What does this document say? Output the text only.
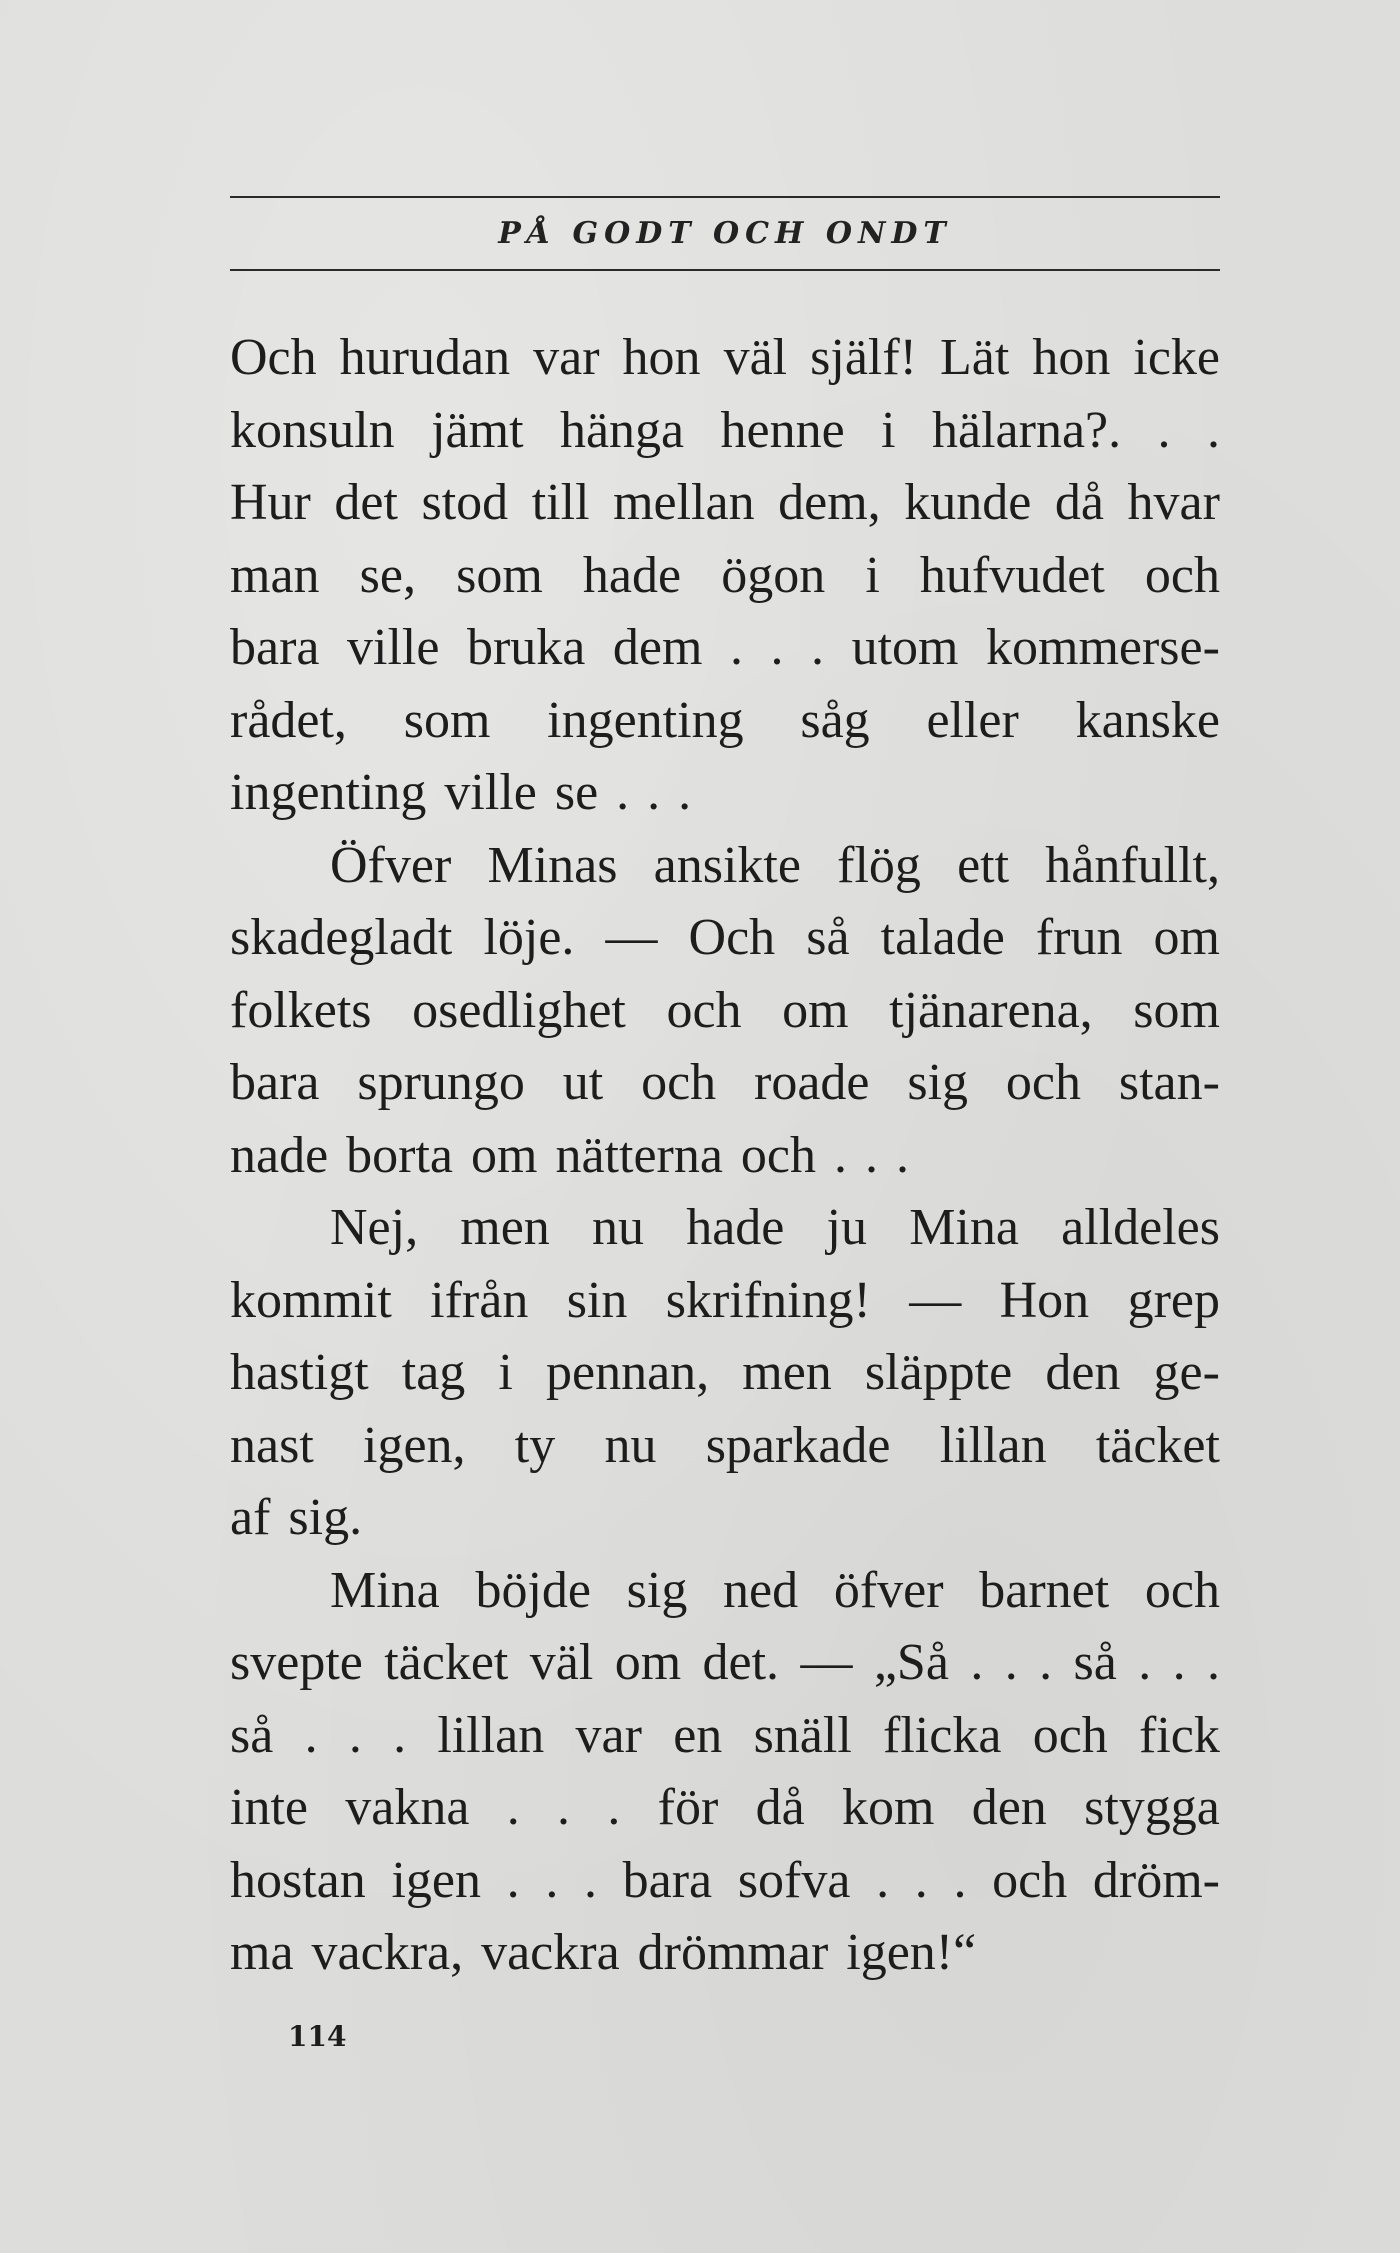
PÅ GODT OCH ONDT
Och hurudan var hon väl själf! Lät hon icke
konsuln jämt hänga henne i hälarna?. . .
Hur det stod till mellan dem, kunde då hvar
man se, som hade ögon i hufvudet och
bara ville bruka dem . . . utom kommerse-
rådet, som ingenting såg eller kanske
ingenting ville se . . .
Öfver Minas ansikte flög ett hånfullt,
skadegladt löje. — Och så talade frun om
folkets osedlighet och om tjänarena, som
bara sprungo ut och roade sig och stan-
nade borta om nätterna och . . .
Nej, men nu hade ju Mina alldeles
kommit ifrån sin skrifning! — Hon grep
hastigt tag i pennan, men släppte den ge-
nast igen, ty nu sparkade lillan täcket
af sig.
Mina böjde sig ned öfver barnet och
svepte täcket väl om det. — „Så . . . så . . .
så . . . lillan var en snäll flicka och fick
inte vakna . . . för då kom den stygga
hostan igen . . . bara sofva . . . och dröm-
ma vackra, vackra drömmar igen!“
114
